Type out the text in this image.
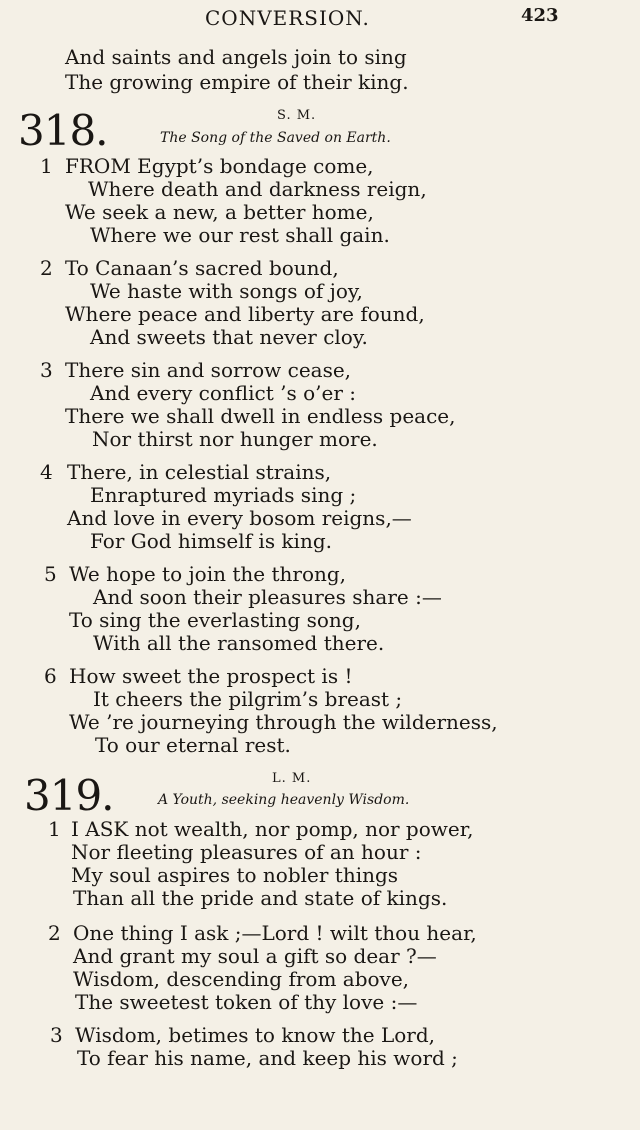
CONVERSION.	423
And saints and angels join to sing
The growing empire of their king.
318.	S. M.
The Song of the Saved on Earth.
1 FROM Egypt’s bondage come,
Where death and darkness reign,
We seek a new, a better home,
Where we our rest shall gain.
2 To Canaan’s sacred bound,
We haste with songs of joy,
Where peace and liberty are found,
And sweets that never cloy.
3 There sin and sorrow cease,
And every conflict ’s o’er :
There we shall dwell in endless peace,
Nor thirst nor hunger more.
4 There, in celestial strains,
Enraptured myriads sing ;
And love in every bosom reigns,—
For God himself is king.
5 We hope to join the throng,
And soon their pleasures share :—
To sing the everlasting song,
With all the ransomed there.
6 How sweet the prospect is !
It cheers the pilgrim’s breast ;
We ’re journeying through the wilderness,
To our eternal rest.
319.	L. M.
A Youth, seeking heavenly Wisdom.
1 I ASK not wealth, nor pomp, nor power,
Nor fleeting pleasures of an hour :
My soul aspires to nobler things
Than all the pride and state of kings.
2 One thing I ask ;—Lord ! wilt thou hear,
And grant my soul a gift so dear ?—
Wisdom, descending from above,
The sweetest token of thy love :—
3 Wisdom, betimes to know the Lord,
To fear his name, and keep his word ;
